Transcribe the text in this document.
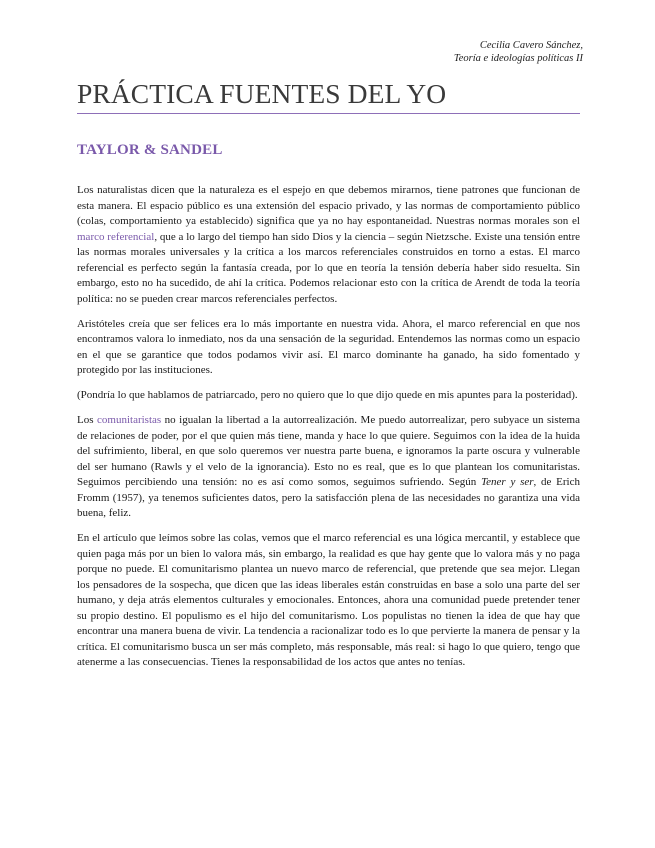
Cecilia Cavero Sánchez,
Teoría e ideologías políticas II
PRÁCTICA FUENTES DEL YO
TAYLOR & SANDEL

Los naturalistas dicen que la naturaleza es el espejo en que debemos mirarnos, tiene patrones que funcionan de esta manera. El espacio público es una extensión del espacio privado, y las normas de comportamiento público (colas, comportamiento ya establecido) significa que ya no hay espontaneidad. Nuestras normas morales son el marco referencial, que a lo largo del tiempo han sido Dios y la ciencia – según Nietzsche. Existe una tensión entre las normas morales universales y la crítica a los marcos referenciales construidos en torno a estas. El marco referencial es perfecto según la fantasía creada, por lo que en teoría la tensión debería haber sido resuelta. Sin embargo, esto no ha sucedido, de ahí la crítica. Podemos relacionar esto con la crítica de Arendt de toda la teoría política: no se pueden crear marcos referenciales perfectos.

Aristóteles creía que ser felices era lo más importante en nuestra vida. Ahora, el marco referencial en que nos encontramos valora lo inmediato, nos da una sensación de la seguridad. Entendemos las normas como un espacio en el que se garantice que todos podamos vivir así. El marco dominante ha ganado, ha sido fomentado y protegido por las instituciones.

(Pondría lo que hablamos de patriarcado, pero no quiero que lo que dijo quede en mis apuntes para la posteridad).

Los comunitaristas no igualan la libertad a la autorrealización. Me puedo autorrealizar, pero subyace un sistema de relaciones de poder, por el que quien más tiene, manda y hace lo que quiere. Seguimos con la idea de la huida del sufrimiento, liberal, en que solo queremos ver nuestra parte buena, e ignoramos la parte oscura y vulnerable del ser humano (Rawls y el velo de la ignorancia). Esto no es real, que es lo que plantean los comunitaristas. Seguimos percibiendo una tensión: no es así como somos, seguimos sufriendo. Según Tener y ser, de Erich Fromm (1957), ya tenemos suficientes datos, pero la satisfacción plena de las necesidades no garantiza una vida buena, feliz.

En el artículo que leímos sobre las colas, vemos que el marco referencial es una lógica mercantil, y establece que quien paga más por un bien lo valora más, sin embargo, la realidad es que hay gente que lo valora más y no paga porque no puede. El comunitarismo plantea un nuevo marco de referencial, que pretende que sea mejor. Llegan los pensadores de la sospecha, que dicen que las ideas liberales están construidas en base a solo una parte del ser humano, y deja atrás elementos culturales y emocionales. Entonces, ahora una comunidad puede pretender tener su propio destino. El populismo es el hijo del comunitarismo. Los populistas no tienen la idea de que hay que encontrar una manera buena de vivir. La tendencia a racionalizar todo es lo que pervierte la manera de pensar y la crítica. El comunitarismo busca un ser más completo, más responsable, más real: si hago lo que quiero, tengo que atenerme a las consecuencias. Tienes la responsabilidad de los actos que antes no tenías.
